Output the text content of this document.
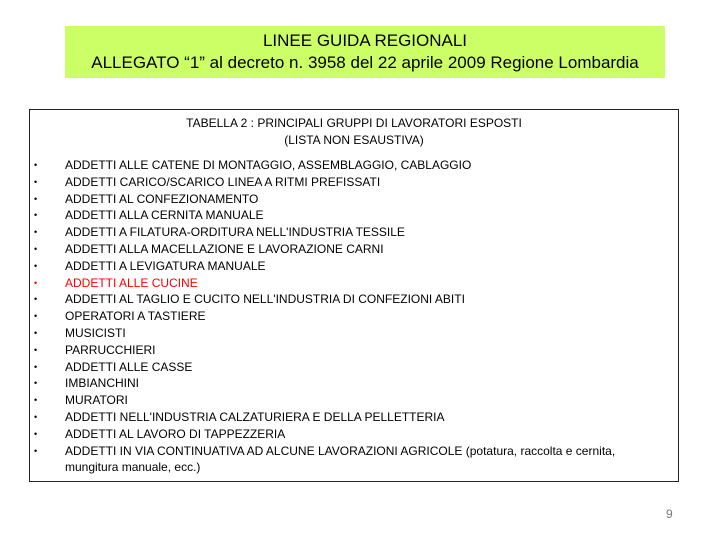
LINEE GUIDA REGIONALI
ALLEGATO “1” al decreto n. 3958 del 22 aprile 2009 Regione Lombardia
TABELLA 2 : PRINCIPALI GRUPPI DI LAVORATORI ESPOSTI
(LISTA NON ESAUSTIVA)
• ADDETTI ALLE CATENE DI MONTAGGIO, ASSEMBLAGGIO, CABLAGGIO
• ADDETTI CARICO/SCARICO LINEA A RITMI PREFISSATI
• ADDETTI AL CONFEZIONAMENTO
• ADDETTI ALLA CERNITA MANUALE
• ADDETTI A FILATURA-ORDITURA NELL'INDUSTRIA TESSILE
• ADDETTI ALLA MACELLAZIONE E LAVORAZIONE CARNI
• ADDETTI A LEVIGATURA MANUALE
• ADDETTI ALLE CUCINE
• ADDETTI AL TAGLIO E CUCITO NELL'INDUSTRIA DI CONFEZIONI ABITI
• OPERATORI A TASTIERE
• MUSICISTI
• PARRUCCHIERI
• ADDETTI ALLE CASSE
• IMBIANCHINI
• MURATORI
• ADDETTI NELL'INDUSTRIA CALZATURIERA E DELLA PELLETTERIA
• ADDETTI AL LAVORO DI TAPPEZZERIA
• ADDETTI IN VIA CONTINUATIVA AD ALCUNE LAVORAZIONI AGRICOLE (potatura, raccolta e cernita, mungitura manuale, ecc.)
9
